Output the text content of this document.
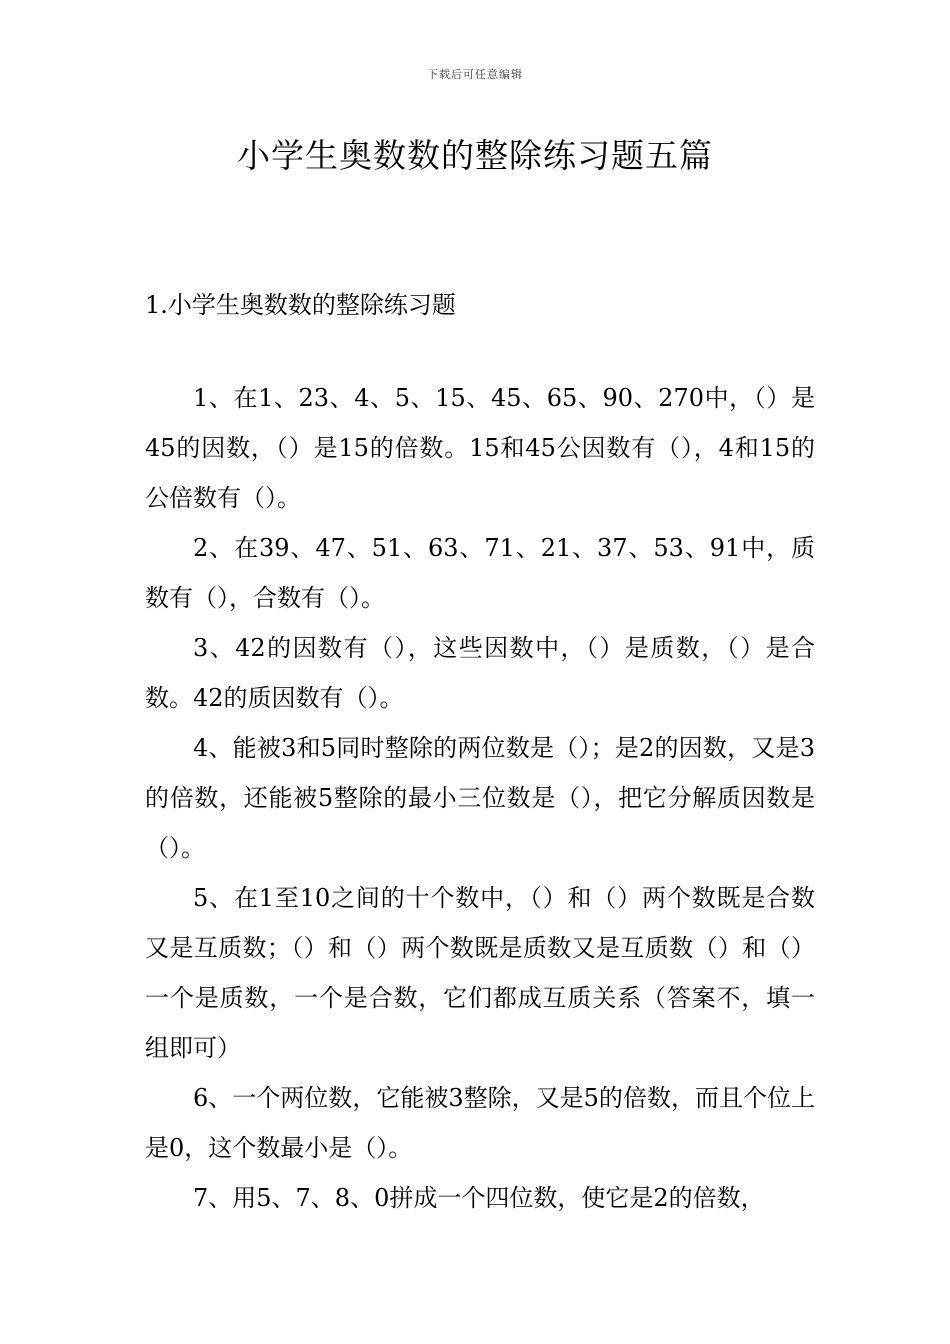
下载后可任意编辑
小学生奥数数的整除练习题五篇
1.小学生奥数数的整除练习题

1、在1、23、4、5、15、45、65、90、270中，（）是45的因数，（）是15的倍数。15和45公因数有（），4和15的公倍数有（）。

2、在39、47、51、63、71、21、37、53、91中，质数有（），合数有（）。

3、42的因数有（），这些因数中，（）是质数，（）是合数。42的质因数有（）。

4、能被3和5同时整除的两位数是（）；是2的因数，又是3的倍数，还能被5整除的最小三位数是（），把它分解质因数是（）。

5、在1至10之间的十个数中，（）和（）两个数既是合数又是互质数；（）和（）两个数既是质数又是互质数（）和（）一个是质数，一个是合数，它们都成互质关系（答案不，填一组即可）

6、一个两位数，它能被3整除，又是5的倍数，而且个位上是0，这个数最小是（）。

7、用5、7、8、0拼成一个四位数，使它是2的倍数，
